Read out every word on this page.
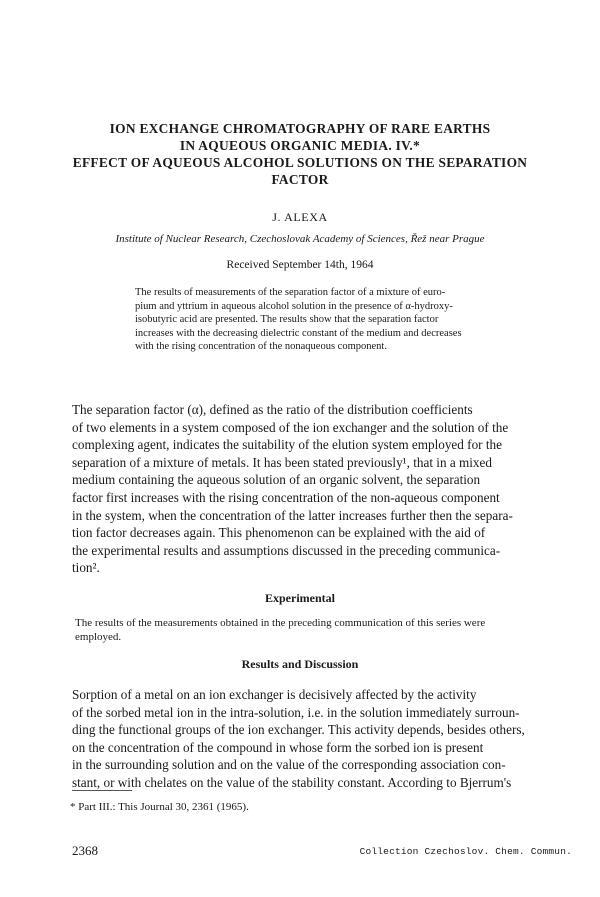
ION EXCHANGE CHROMATOGRAPHY OF RARE EARTHS
IN AQUEOUS ORGANIC MEDIA. IV.*
EFFECT OF AQUEOUS ALCOHOL SOLUTIONS ON THE SEPARATION
FACTOR
J. ALEXA
Institute of Nuclear Research, Czechoslovak Academy of Sciences, Řež near Prague
Received September 14th, 1964
The results of measurements of the separation factor of a mixture of euro-
pium and yttrium in aqueous alcohol solution in the presence of α-hydroxy-
isobutyric acid are presented. The results show that the separation factor
increases with the decreasing dielectric constant of the medium and decreases
with the rising concentration of the nonaqueous component.
The separation factor (α), defined as the ratio of the distribution coefficients
of two elements in a system composed of the ion exchanger and the solution of the
complexing agent, indicates the suitability of the elution system employed for the
separation of a mixture of metals. It has been stated previously¹, that in a mixed
medium containing the aqueous solution of an organic solvent, the separation
factor first increases with the rising concentration of the non-aqueous component
in the system, when the concentration of the latter increases further then the separa-
tion factor decreases again. This phenomenon can be explained with the aid of
the experimental results and assumptions discussed in the preceding communica-
tion².
Experimental
The results of the measurements obtained in the preceding communication of this series were
employed.
Results and Discussion
Sorption of a metal on an ion exchanger is decisively affected by the activity
of the sorbed metal ion in the intra-solution, i.e. in the solution immediately surroun-
ding the functional groups of the ion exchanger. This activity depends, besides others,
on the concentration of the compound in whose form the sorbed ion is present
in the surrounding solution and on the value of the corresponding association con-
stant, or with chelates on the value of the stability constant. According to Bjerrum's
* Part III.: This Journal 30, 2361 (1965).
2368	Collection Czechoslov. Chem. Commun.
